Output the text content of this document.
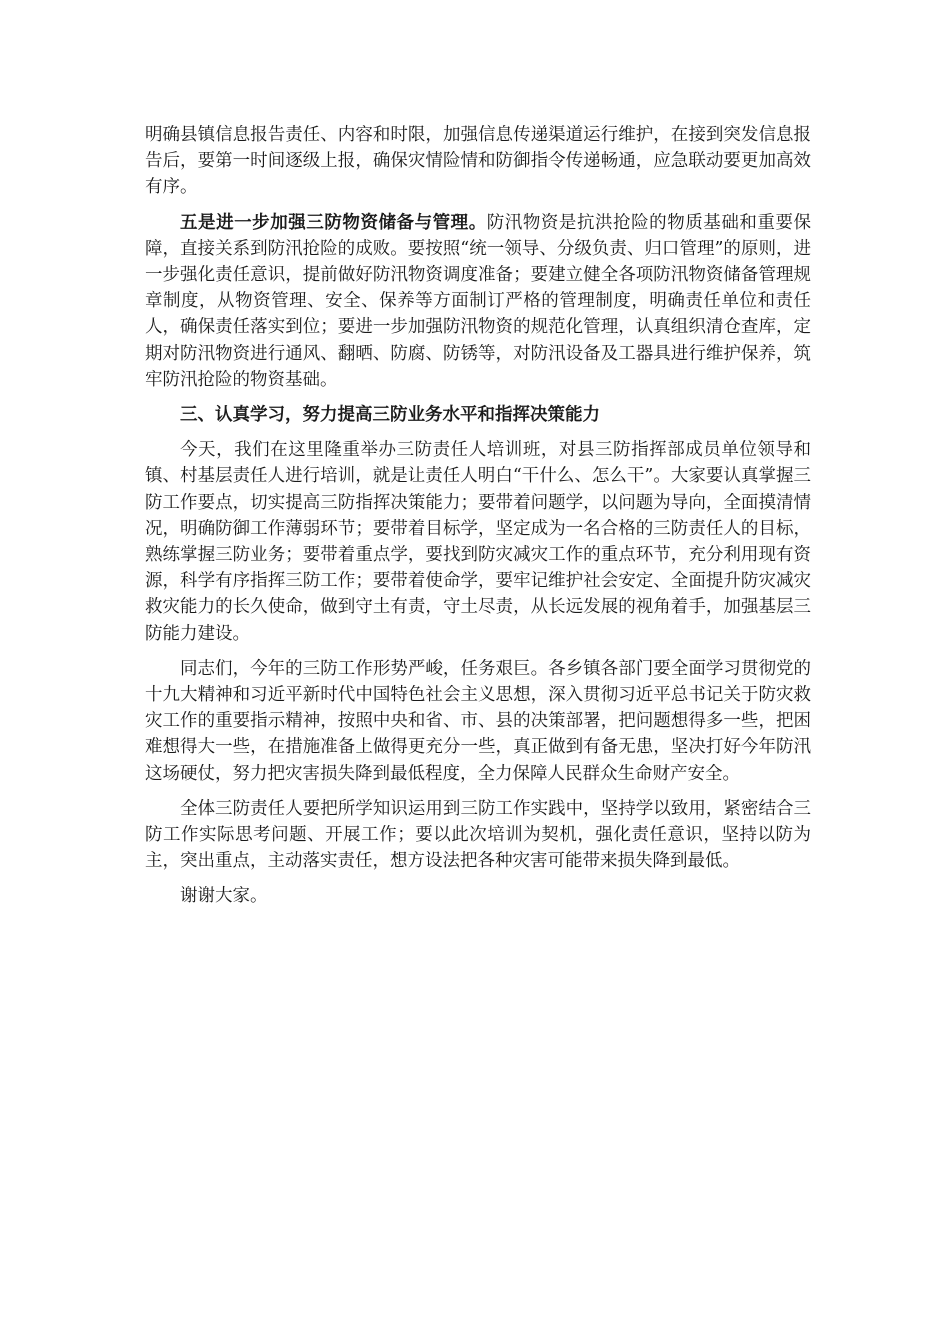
明确县镇信息报告责任、内容和时限，加强信息传递渠道运行维护，在接到突发信息报告后，要第一时间逐级上报，确保灾情险情和防御指令传递畅通，应急联动要更加高效有序。

五是进一步加强三防物资储备与管理。防汛物资是抗洪抢险的物质基础和重要保障，直接关系到防汛抢险的成败。要按照“统一领导、分级负责、归口管理”的原则，进一步强化责任意识，提前做好防汛物资调度准备；要建立健全各项防汛物资储备管理规章制度，从物资管理、安全、保养等方面制订严格的管理制度，明确责任单位和责任人，确保责任落实到位；要进一步加强防汛物资的规范化管理，认真组织清仓查库，定期对防汛物资进行通风、翻晒、防腐、防锈等，对防汛设备及工器具进行维护保养，筑牢防汛抢险的物资基础。

三、认真学习，努力提高三防业务水平和指挥决策能力

今天，我们在这里隆重举办三防责任人培训班，对县三防指挥部成员单位领导和镇、村基层责任人进行培训，就是让责任人明白“干什么、怎么干”。大家要认真掌握三防工作要点，切实提高三防指挥决策能力；要带着问题学，以问题为导向，全面摸清情况，明确防御工作薄弱环节；要带着目标学，坚定成为一名合格的三防责任人的目标，熟练掌握三防业务；要带着重点学，要找到防灾减灾工作的重点环节，充分利用现有资源，科学有序指挥三防工作；要带着使命学，要牢记维护社会安定、全面提升防灾减灾救灾能力的长久使命，做到守土有责，守土尽责，从长远发展的视角着手，加强基层三防能力建设。

同志们，今年的三防工作形势严峻，任务艰巨。各乡镇各部门要全面学习贯彻党的十九大精神和习近平新时代中国特色社会主义思想，深入贯彻习近平总书记关于防灾救灾工作的重要指示精神，按照中央和省、市、县的决策部署，把问题想得多一些，把困难想得大一些，在措施准备上做得更充分一些，真正做到有备无患，坚决打好今年防汛这场硬仗，努力把灾害损失降到最低程度，全力保障人民群众生命财产安全。

全体三防责任人要把所学知识运用到三防工作实践中，坚持学以致用，紧密结合三防工作实际思考问题、开展工作；要以此次培训为契机，强化责任意识，坚持以防为主，突出重点，主动落实责任，想方设法把各种灾害可能带来损失降到最低。

谢谢大家。
